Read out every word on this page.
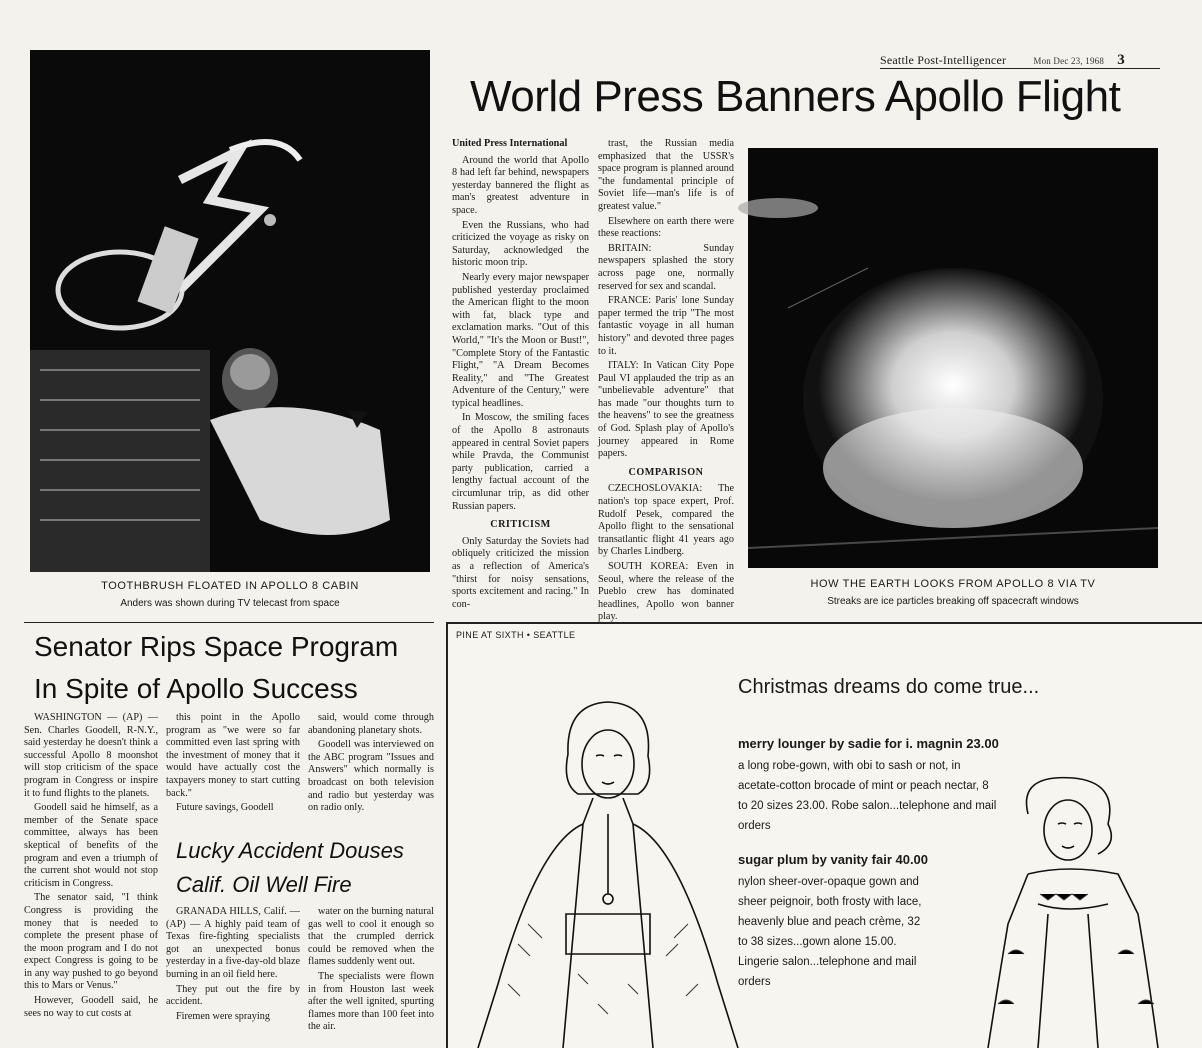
Seattle Post-Intelligencer	Mon Dec 23, 1968 3
World Press Banners Apollo Flight
TOOTHBRUSH FLOATED IN APOLLO 8 CABIN
Anders was shown during TV telecast from space

United Press International

Around the world that Apollo 8 had left far behind, newspapers yesterday bannered the flight as man's greatest adventure in space.

Even the Russians, who had criticized the voyage as risky on Saturday, acknowledged the historic moon trip.

Nearly every major newspaper published yesterday proclaimed the American flight to the moon with fat, black type and exclamation marks. "Out of this World," "It's the Moon or Bust!", "Complete Story of the Fantastic Flight," "A Dream Becomes Reality," and "The Greatest Adventure of the Century," were typical headlines.

In Moscow, the smiling faces of the Apollo 8 astronauts appeared in central Soviet papers while Pravda, the Communist party publication, carried a lengthy factual account of the circumlunar trip, as did other Russian papers.

CRITICISM

Only Saturday the Soviets had obliquely criticized the mission as a reflection of America's "thirst for noisy sensations, sports excitement and racing." In con-

trast, the Russian media emphasized that the USSR's space program is planned around "the fundamental principle of Soviet life—man's life is of greatest value."

Elsewhere on earth there were these reactions:

BRITAIN: Sunday newspapers splashed the story across page one, normally reserved for sex and scandal.

FRANCE: Paris' lone Sunday paper termed the trip "The most fantastic voyage in all human history" and devoted three pages to it.

ITALY: In Vatican City Pope Paul VI applauded the trip as an "unbelievable adventure" that has made "our thoughts turn to the heavens" to see the greatness of God. Splash play of Apollo's journey appeared in Rome papers.

COMPARISON

CZECHOSLOVAKIA: The nation's top space expert, Prof. Rudolf Pesek, compared the Apollo flight to the sensational transatlantic flight 41 years ago by Charles Lindberg.

SOUTH KOREA: Even in Seoul, where the release of the Pueblo crew has dominated headlines, Apollo won banner play.

HOW THE EARTH LOOKS FROM APOLLO 8 VIA TV
Streaks are ice particles breaking off spacecraft windows
Senator Rips Space Program
In Spite of Apollo Success

WASHINGTON — (AP) — Sen. Charles Goodell, R-N.Y., said yesterday he doesn't think a successful Apollo 8 moonshot will stop criticism of the space program in Congress or inspire it to fund flights to the planets.

Goodell said he himself, as a member of the Senate space committee, always has been skeptical of benefits of the program and even a triumph of the current shot would not stop criticism in Congress.

The senator said, "I think Congress is providing the money that is needed to complete the present phase of the moon program and I do not expect Congress is going to be in any way pushed to go beyond this to Mars or Venus."

However, Goodell said, he sees no way to cut costs at

this point in the Apollo program as "we were so far committed even last spring with the investment of money that it would have actually cost the taxpayers money to start cutting back."

Future savings, Goodell

said, would come through abandoning planetary shots.

Goodell was interviewed on the ABC program "Issues and Answers" which normally is broadcast on both television and radio but yesterday was on radio only.

Lucky Accident Douses
Calif. Oil Well Fire

GRANADA HILLS, Calif. — (AP) — A highly paid team of Texas fire-fighting specialists got an unexpected bonus yesterday in a five-day-old blaze burning in an oil field here.

They put out the fire by accident.

Firemen were spraying

water on the burning natural gas well to cool it enough so that the crumpled derrick could be removed when the flames suddenly went out.

The specialists were flown in from Houston last week after the well ignited, spurting flames more than 100 feet into the air.

PINE AT SIXTH • SEATTLE
Christmas dreams do come true...
merry lounger by sadie for i. magnin 23.00
a long robe-gown, with obi to sash or not, in acetate-cotton brocade of mint or peach nectar, 8 to 20 sizes 23.00. Robe salon...telephone and mail orders
sugar plum by vanity fair 40.00
nylon sheer-over-opaque gown and sheer peignoir, both frosty with lace, heavenly blue and peach crème, 32 to 38 sizes...gown alone 15.00. Lingerie salon...telephone and mail orders
